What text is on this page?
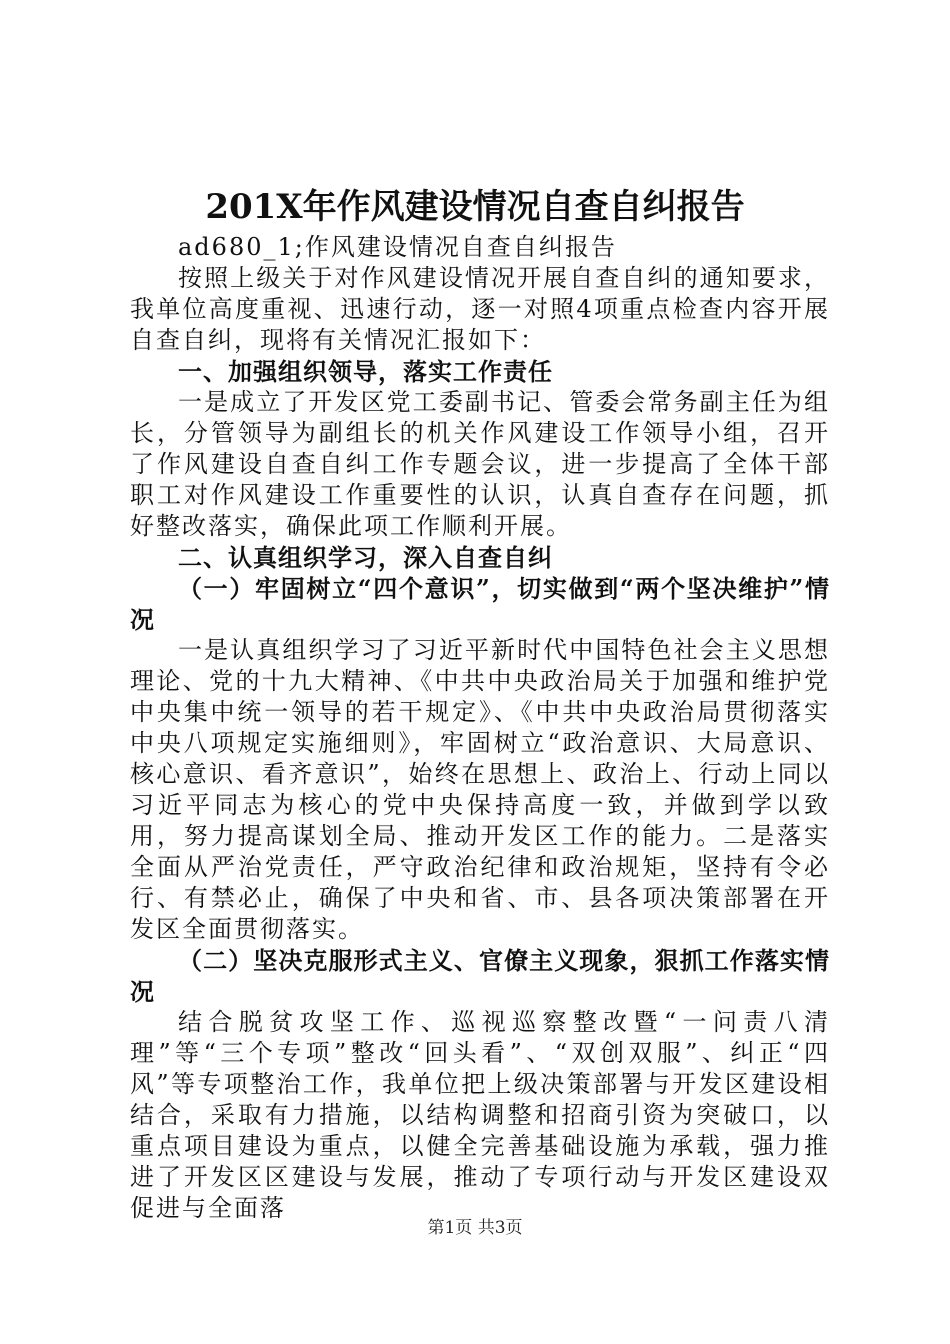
201X年作风建设情况自查自纠报告

ad680_1;作风建设情况自查自纠报告

按照上级关于对作风建设情况开展自查自纠的通知要求，我单位高度重视、迅速行动，逐一对照4项重点检查内容开展自查自纠，现将有关情况汇报如下：

一、加强组织领导，落实工作责任

一是成立了开发区党工委副书记、管委会常务副主任为组长，分管领导为副组长的机关作风建设工作领导小组，召开了作风建设自查自纠工作专题会议，进一步提高了全体干部职工对作风建设工作重要性的认识，认真自查存在问题，抓好整改落实，确保此项工作顺利开展。

二、认真组织学习，深入自查自纠

（一）牢固树立“四个意识”，切实做到“两个坚决维护”情况

一是认真组织学习了习近平新时代中国特色社会主义思想理论、党的十九大精神、《中共中央政治局关于加强和维护党中央集中统一领导的若干规定》、《中共中央政治局贯彻落实中央八项规定实施细则》，牢固树立“政治意识、大局意识、核心意识、看齐意识”，始终在思想上、政治上、行动上同以习近平同志为核心的党中央保持高度一致，并做到学以致用，努力提高谋划全局、推动开发区工作的能力。二是落实全面从严治党责任，严守政治纪律和政治规矩，坚持有令必行、有禁必止，确保了中央和省、市、县各项决策部署在开发区全面贯彻落实。

（二）坚决克服形式主义、官僚主义现象，狠抓工作落实情况

结合脱贫攻坚工作、巡视巡察整改暨“一问责八清理”等“三个专项”整改“回头看”、“双创双服”、纠正“四风”等专项整治工作，我单位把上级决策部署与开发区建设相结合，采取有力措施，以结构调整和招商引资为突破口，以重点项目建设为重点，以健全完善基础设施为承载，强力推进了开发区区建设与发展，推动了专项行动与开发区建设双促进与全面落

第1页 共3页
